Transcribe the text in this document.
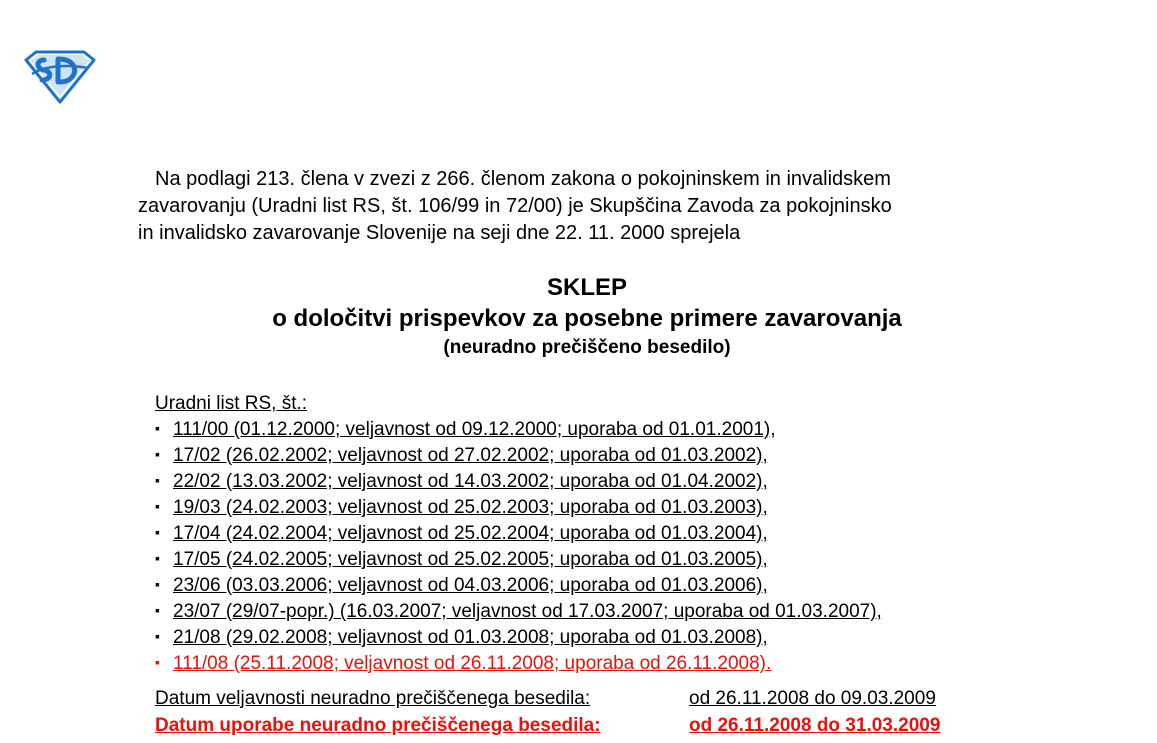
Na podlagi 213. člena v zvezi z 266. členom zakona o pokojninskem in invalidskem
zavarovanju (Uradni list RS, št. 106/99 in 72/00) je Skupščina Zavoda za pokojninsko
in invalidsko zavarovanje Slovenije na seji dne 22. 11. 2000 sprejela
SKLEP
o določitvi prispevkov za posebne primere zavarovanja
(neuradno prečiščeno besedilo)
Uradni list RS, št.:
▪ 111/00 (01.12.2000; veljavnost od 09.12.2000; uporaba od 01.01.2001),
▪ 17/02 (26.02.2002; veljavnost od 27.02.2002; uporaba od 01.03.2002),
▪ 22/02 (13.03.2002; veljavnost od 14.03.2002; uporaba od 01.04.2002),
▪ 19/03 (24.02.2003; veljavnost od 25.02.2003; uporaba od 01.03.2003),
▪ 17/04 (24.02.2004; veljavnost od 25.02.2004; uporaba od 01.03.2004),
▪ 17/05 (24.02.2005; veljavnost od 25.02.2005; uporaba od 01.03.2005),
▪ 23/06 (03.03.2006; veljavnost od 04.03.2006; uporaba od 01.03.2006),
▪ 23/07 (29/07-popr.) (16.03.2007; veljavnost od 17.03.2007; uporaba od 01.03.2007),
▪ 21/08 (29.02.2008; veljavnost od 01.03.2008; uporaba od 01.03.2008),
▪ 111/08 (25.11.2008; veljavnost od 26.11.2008; uporaba od 26.11.2008).
Datum veljavnosti neuradno prečiščenega besedila:	od 26.11.2008 do 09.03.2009
Datum uporabe neuradno prečiščenega besedila:	od 26.11.2008 do 31.03.2009
